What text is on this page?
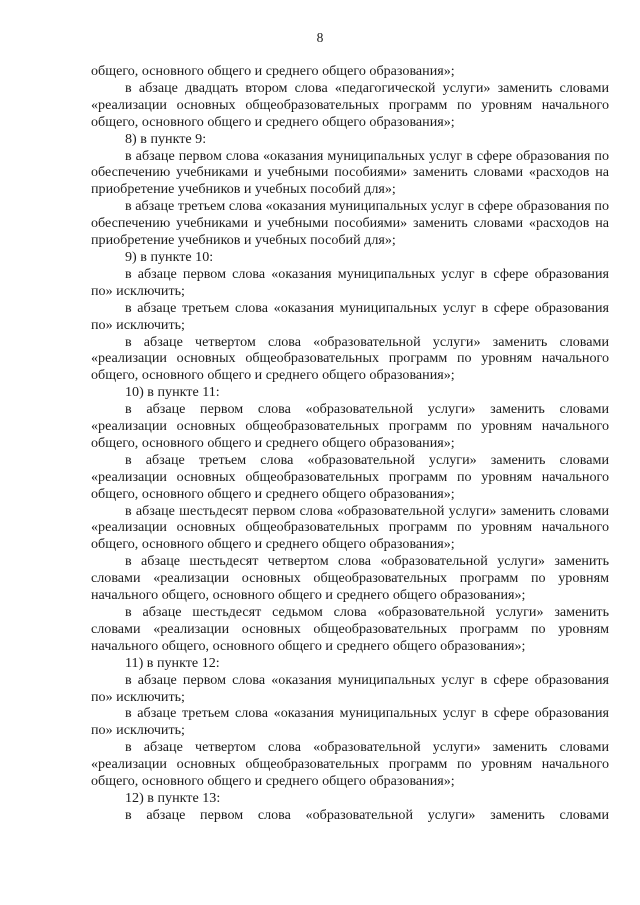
8

общего, основного общего и среднего общего образования»;

в абзаце двадцать втором слова «педагогической услуги» заменить словами «реализации основных общеобразовательных программ по уровням начального общего, основного общего и среднего общего образования»;

8) в пункте 9:

в абзаце первом слова «оказания муниципальных услуг в сфере образования по обеспечению учебниками и учебными пособиями» заменить словами «расходов на приобретение учебников и учебных пособий для»;

в абзаце третьем слова «оказания муниципальных услуг в сфере образования по обеспечению учебниками и учебными пособиями» заменить словами «расходов на приобретение учебников и учебных пособий для»;

9) в пункте 10:

в абзаце первом слова «оказания муниципальных услуг в сфере образования по» исключить;

в абзаце третьем слова «оказания муниципальных услуг в сфере образования по» исключить;

в абзаце четвертом слова «образовательной услуги» заменить словами «реализации основных общеобразовательных программ по уровням начального общего, основного общего и среднего общего образования»;

10) в пункте 11:

в абзаце первом слова «образовательной услуги» заменить словами «реализации основных общеобразовательных программ по уровням начального общего, основного общего и среднего общего образования»;

в абзаце третьем слова «образовательной услуги» заменить словами «реализации основных общеобразовательных программ по уровням начального общего, основного общего и среднего общего образования»;

в абзаце шестьдесят первом слова «образовательной услуги» заменить словами «реализации основных общеобразовательных программ по уровням начального общего, основного общего и среднего общего образования»;

в абзаце шестьдесят четвертом слова «образовательной услуги» заменить словами «реализации основных общеобразовательных программ по уровням начального общего, основного общего и среднего общего образования»;

в абзаце шестьдесят седьмом слова «образовательной услуги» заменить словами «реализации основных общеобразовательных программ по уровням начального общего, основного общего и среднего общего образования»;

11) в пункте 12:

в абзаце первом слова «оказания муниципальных услуг в сфере образования по» исключить;

в абзаце третьем слова «оказания муниципальных услуг в сфере образования по» исключить;

в абзаце четвертом слова «образовательной услуги» заменить словами «реализации основных общеобразовательных программ по уровням начального общего, основного общего и среднего общего образования»;

12) в пункте 13:

в абзаце первом слова «образовательной услуги» заменить словами
